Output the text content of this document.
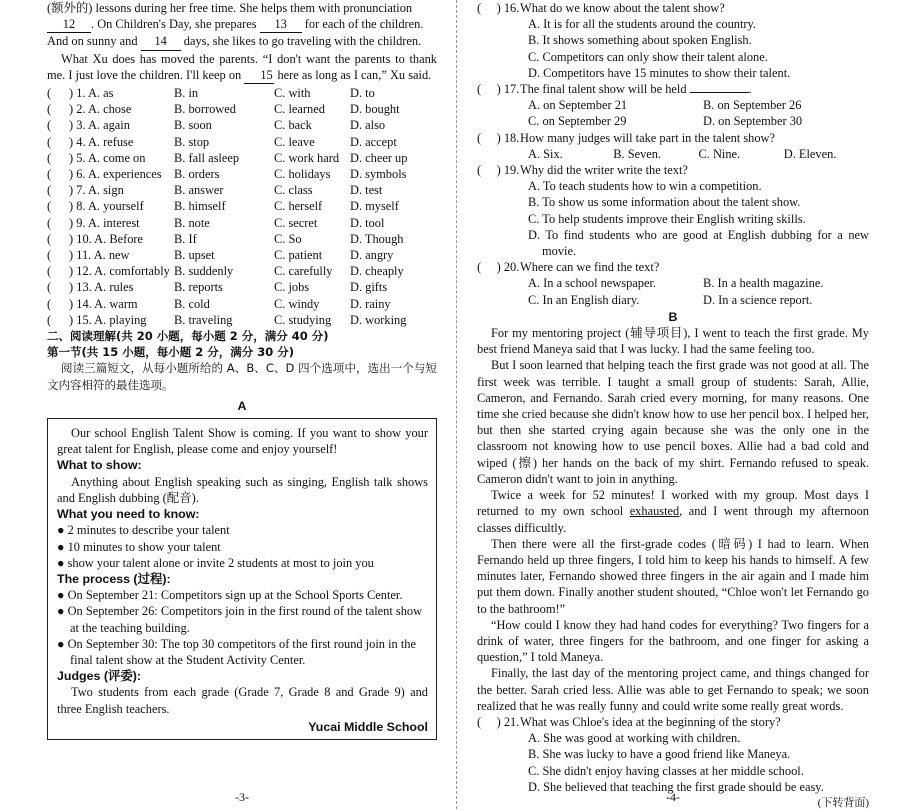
(额外的) lessons during her free time. She helps them with pronunciation

12 . On Children's Day, she prepares 13 for each of the children.

And on sunny and 14 days, she likes to go traveling with the children.

What Xu does has moved the parents. “I don't want the parents to thank me. I just love the children. I'll keep on 15 here as long as I can,” Xu said.

(	) 1. A. as	B. in	C. with	D. to
(	) 2. A. chose	B. borrowed	C. learned	D. bought
(	) 3. A. again	B. soon	C. back	D. also
(	) 4. A. refuse	B. stop	C. leave	D. accept
(	) 5. A. come on	B. fall asleep	C. work hard D. cheer up
(	) 6. A. experiences	B. orders	C. holidays	D. symbols
(	) 7. A. sign	B. answer	C. class	D. test
(	) 8. A. yourself	B. himself	C. herself	D. myself
(	) 9. A. interest	B. note	C. secret	D. tool
(	) 10. A. Before	B. If	C. So	D. Though
(	) 11. A. new	B. upset	C. patient	D. angry
(	) 12. A. comfortably B. suddenly	C. carefully	D. cheaply
(	) 13. A. rules	B. reports	C. jobs	D. gifts
(	) 14. A. warm	B. cold	C. windy	D. rainy
(	) 15. A. playing	B. traveling	C. studying	D. working

二、阅读理解(共 20 小题，每小题 2 分，满分 40 分)

第一节(共 15 小题，每小题 2 分，满分 30 分)

阅读三篇短文，从每小题所给的 A、B、C、D 四个选项中，选出一个与短文内容相符的最佳选项。

A

Our school English Talent Show is coming. If you want to show your great talent for English, please come and enjoy yourself!

What to show:

Anything about English speaking such as singing, English talk shows and English dubbing (配音).

What you need to know:

● 2 minutes to describe your talent

● 10 minutes to show your talent

● show your talent alone or invite 2 students at most to join you

The process (过程):

● On September 21: Competitors sign up at the School Sports Center.

● On September 26: Competitors join in the first round of the talent show at the teaching building.

● On September 30: The top 30 competitors of the first round join in the final talent show at the Student Activity Center.

Judges (评委):

Two students from each grade (Grade 7, Grade 8 and Grade 9) and three English teachers.

Yucai Middle School

-3-
(     ) 16. What do we know about the talent show?

A. It is for all the students around the country.

B. It shows something about spoken English.

C. Competitors can only show their talent alone.

D. Competitors have 15 minutes to show their talent.

(     ) 17. The final talent show will be held	.
A. on September 21	B. on September 26
C. on September 29	D. on September 30
(     ) 18. How many judges will take part in the talent show?
A. Six.	B. Seven.	C. Nine.	D. Eleven.
(     ) 19. Why did the writer write the text?

A. To teach students how to win a competition.

B. To show us some information about the talent show.

C. To help students improve their English writing skills.

D. To find students who are good at English dubbing for a new movie.

(     ) 20. Where can we find the text?
A. In a school newspaper.	B. In a health magazine.
C. In an English diary.	D. In a science report.

B

For my mentoring project (辅导项目), I went to teach the first grade. My best friend Maneya said that I was lucky. I had the same feeling too.

But I soon learned that helping teach the first grade was not good at all. The first week was terrible. I taught a small group of students: Sarah, Allie, Cameron, and Fernando. Sarah cried every morning, for many reasons. One time she cried because she didn't know how to use her pencil box. I helped her, but then she started crying again because she was the only one in the classroom not knowing how to use pencil boxes. Allie had a bad cold and wiped (擦) her hands on the back of my shirt. Fernando refused to speak. Cameron didn't want to join in anything.

Twice a week for 52 minutes! I worked with my group. Most days I returned to my own school exhausted, and I went through my afternoon classes difficultly.

Then there were all the first-grade codes (暗码) I had to learn. When Fernando held up three fingers, I told him to keep his hands to himself. A few minutes later, Fernando showed three fingers in the air again and I made him put them down. Finally another student shouted, “Chloe won't let Fernando go to the bathroom!”

“How could I know they had hand codes for everything? Two fingers for a drink of water, three fingers for the bathroom, and one finger for asking a question,” I told Maneya.

Finally, the last day of the mentoring project came, and things changed for the better. Sarah cried less. Allie was able to get Fernando to speak; we soon realized that he was really funny and could write some really great words.

(     ) 21. What was Chloe's idea at the beginning of the story?

A. She was good at working with children.

B. She was lucky to have a good friend like Maneya.

C. She didn't enjoy having classes at her middle school.

D. She believed that teaching the first grade should be easy.

(下转背面)

-4-
